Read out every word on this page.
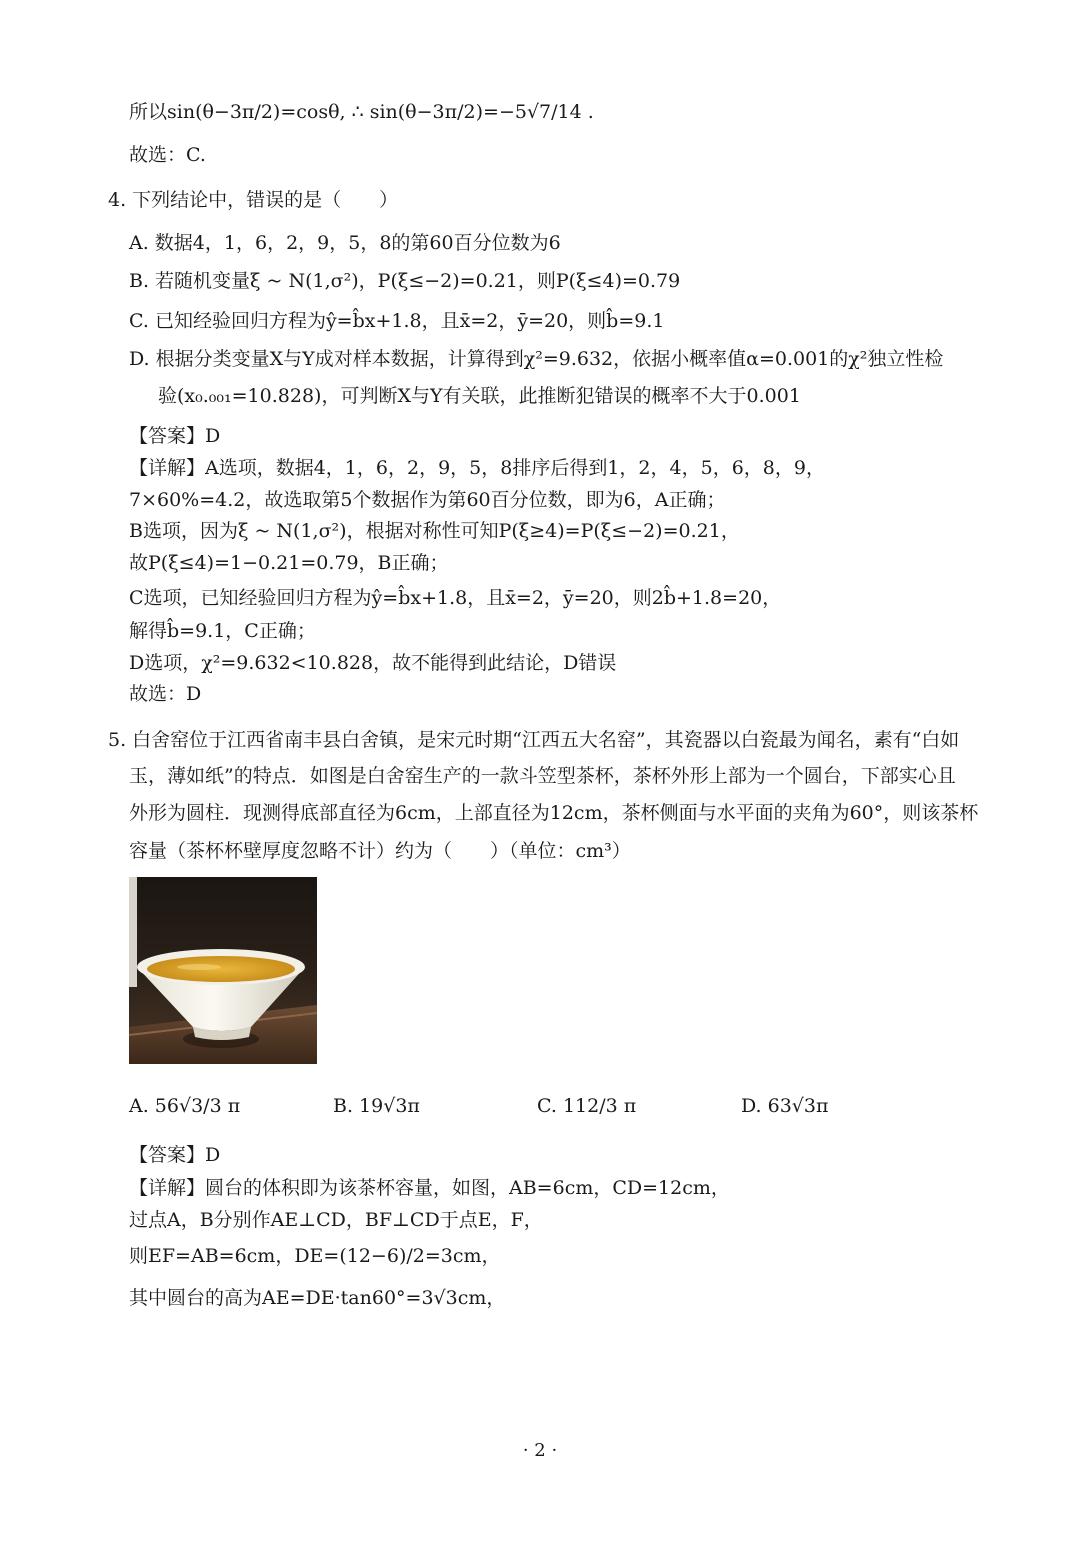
所以sin(θ−3π/2)=cosθ, ∴ sin(θ−3π/2)=−5√7/14 .
故选：C.
4. 下列结论中，错误的是（　　）
A. 数据4，1，6，2，9，5，8的第60百分位数为6
B. 若随机变量ξ ~ N(1,σ²)，P(ξ≤−2)=0.21，则P(ξ≤4)=0.79
C. 已知经验回归方程为ŷ=b̂x+1.8，且x̄=2，ȳ=20，则b̂=9.1
D. 根据分类变量X与Y成对样本数据，计算得到χ²=9.632，依据小概率值α=0.001的χ²独立性检
验(x₀.₀₀₁=10.828)，可判断X与Y有关联，此推断犯错误的概率不大于0.001
【答案】D
【详解】A选项，数据4，1，6，2，9，5，8排序后得到1，2，4，5，6，8，9，
7×60%=4.2，故选取第5个数据作为第60百分位数，即为6，A正确；
B选项，因为ξ ~ N(1,σ²)，根据对称性可知P(ξ≥4)=P(ξ≤−2)=0.21，
故P(ξ≤4)=1−0.21=0.79，B正确；
C选项，已知经验回归方程为ŷ=b̂x+1.8，且x̄=2，ȳ=20，则2b̂+1.8=20，
解得b̂=9.1，C正确；
D选项，χ²=9.632<10.828，故不能得到此结论，D错误
故选：D
5. 白舍窑位于江西省南丰县白舍镇，是宋元时期“江西五大名窑”，其瓷器以白瓷最为闻名，素有“白如
玉，薄如纸”的特点．如图是白舍窑生产的一款斗笠型茶杯，茶杯外形上部为一个圆台，下部实心且
外形为圆柱．现测得底部直径为6cm，上部直径为12cm，茶杯侧面与水平面的夹角为60°，则该茶杯
容量（茶杯杯壁厚度忽略不计）约为（　　）（单位：cm³）
A. 56√3/3 π	B. 19√3π	C. 112/3 π	D. 63√3π
【答案】D
【详解】圆台的体积即为该茶杯容量，如图，AB=6cm，CD=12cm，
过点A，B分别作AE⊥CD，BF⊥CD于点E，F，
则EF=AB=6cm，DE=(12−6)/2=3cm，
其中圆台的高为AE=DE·tan60°=3√3cm，
· 2 ·
